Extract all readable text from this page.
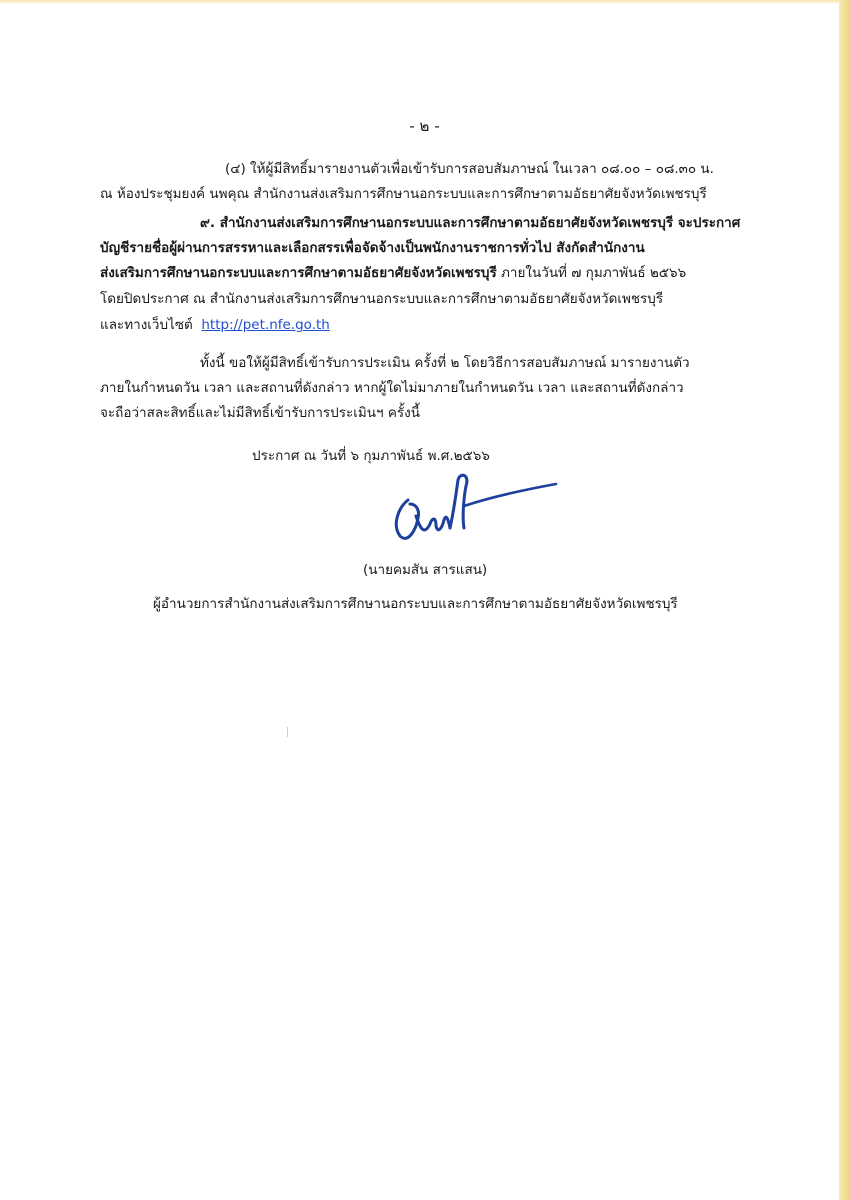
- ๒ -
(๔) ให้ผู้มีสิทธิ์มารายงานตัวเพื่อเข้ารับการสอบสัมภาษณ์ ในเวลา ๐๘.๐๐ – ๐๘.๓๐ น.
ณ ห้องประชุมยงค์ นพคุณ สำนักงานส่งเสริมการศึกษานอกระบบและการศึกษาตามอัธยาศัยจังหวัดเพชรบุรี
๙. สำนักงานส่งเสริมการศึกษานอกระบบและการศึกษาตามอัธยาศัยจังหวัดเพชรบุรี จะประกาศ
บัญชีรายชื่อผู้ผ่านการสรรหาและเลือกสรรเพื่อจัดจ้างเป็นพนักงานราชการทั่วไป สังกัดสำนักงาน
ส่งเสริมการศึกษานอกระบบและการศึกษาตามอัธยาศัยจังหวัดเพชรบุรี ภายในวันที่ ๗ กุมภาพันธ์ ๒๕๖๖
โดยปิดประกาศ ณ สำนักงานส่งเสริมการศึกษานอกระบบและการศึกษาตามอัธยาศัยจังหวัดเพชรบุรี
และทางเว็บไซต์ http://pet.nfe.go.th
ทั้งนี้ ขอให้ผู้มีสิทธิ์เข้ารับการประเมิน ครั้งที่ ๒ โดยวิธีการสอบสัมภาษณ์ มารายงานตัว
ภายในกำหนดวัน เวลา และสถานที่ดังกล่าว หากผู้ใดไม่มาภายในกำหนดวัน เวลา และสถานที่ดังกล่าว
จะถือว่าสละสิทธิ์และไม่มีสิทธิ์เข้ารับการประเมินฯ ครั้งนี้
ประกาศ ณ วันที่ ๖ กุมภาพันธ์ พ.ศ.๒๕๖๖
(นายคมสัน สารแสน)
ผู้อำนวยการสำนักงานส่งเสริมการศึกษานอกระบบและการศึกษาตามอัธยาศัยจังหวัดเพชรบุรี
